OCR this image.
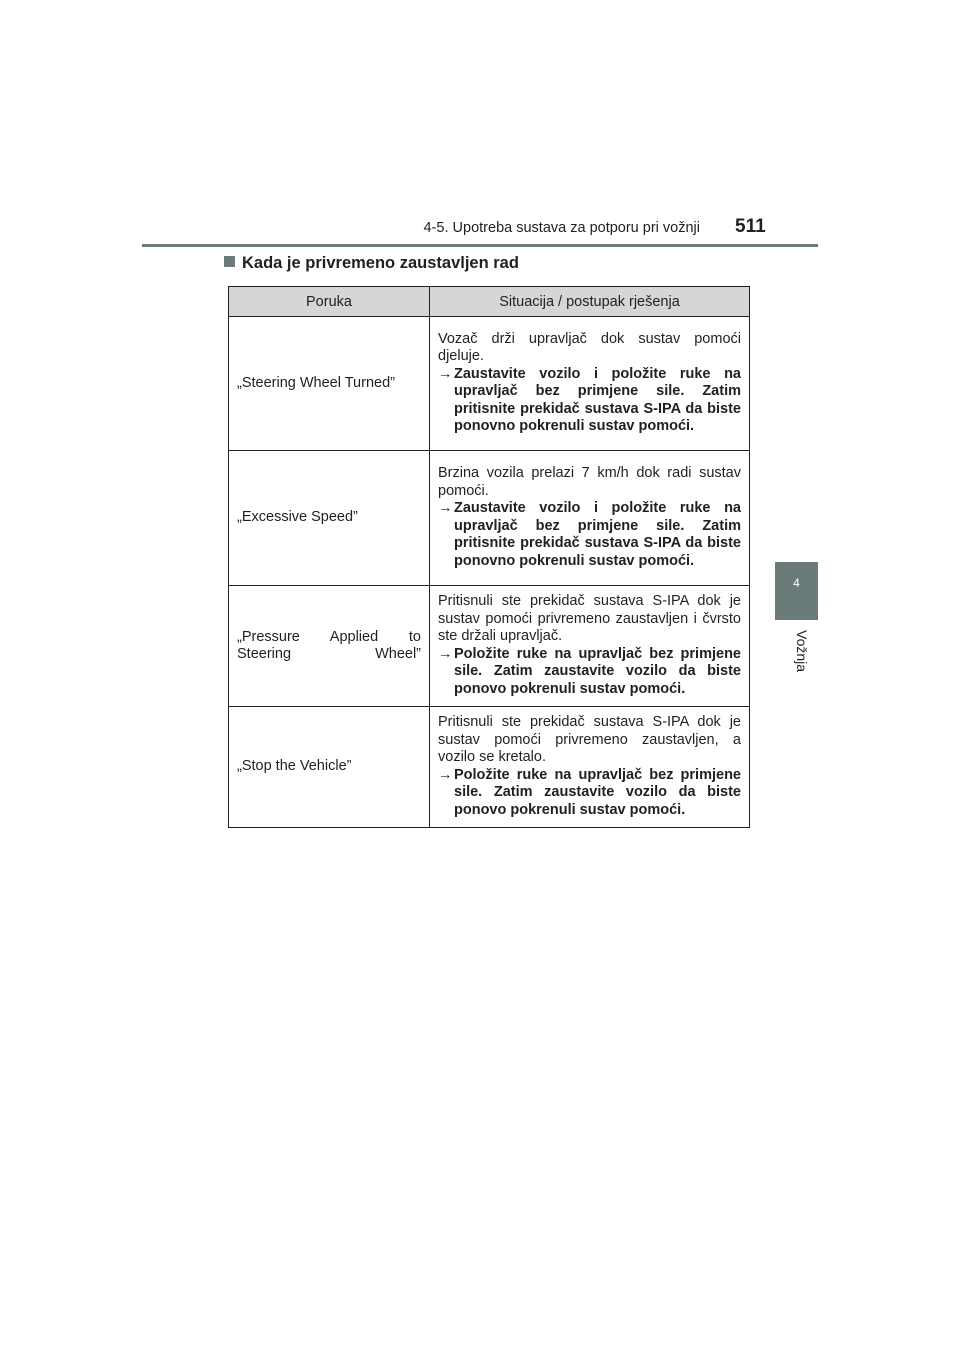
4-5. Upotreba sustava za potporu pri vožnji 511
4
Vožnja
Kada je privremeno zaustavljen rad
Poruka	Situacija / postupak rješenja
„Steering Wheel Turned”	Vozač drži upravljač dok sustav pomoći djeluje.
→ Zaustavite vozilo i položite ruke na upravljač bez primjene sile. Zatim pritisnite prekidač sustava S-IPA da biste ponovno pokrenuli sustav pomoći.

„Excessive Speed”	Brzina vozila prelazi 7 km/h dok radi sustav pomoći.
→ Zaustavite vozilo i položite ruke na upravljač bez primjene sile. Zatim pritisnite prekidač sustava S-IPA da biste ponovno pokrenuli sustav pomoći.

„Pressure Applied to Steering Wheel”	Pritisnuli ste prekidač sustava S-IPA dok je sustav pomoći privremeno zaustavljen i čvrsto ste držali upravljač.
→ Položite ruke na upravljač bez primjene sile. Zatim zaustavite vozilo da biste ponovo pokrenuli sustav pomoći.

„Stop the Vehicle”	Pritisnuli ste prekidač sustava S-IPA dok je sustav pomoći privremeno zaustavljen, a vozilo se kretalo.
→ Položite ruke na upravljač bez primjene sile. Zatim zaustavite vozilo da biste ponovo pokrenuli sustav pomoći.
